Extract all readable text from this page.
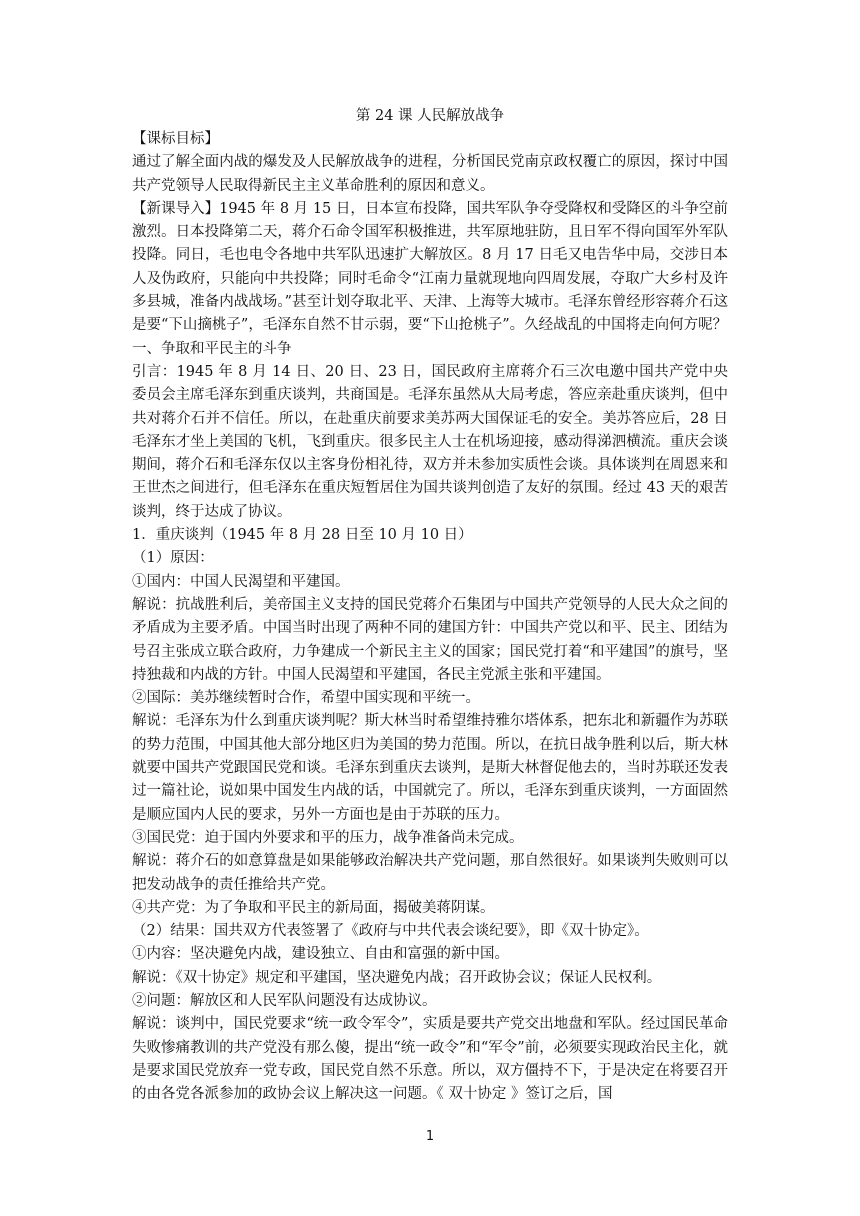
第 24 课 人民解放战争

【课标目标】

通过了解全面内战的爆发及人民解放战争的进程，分析国民党南京政权覆亡的原因，探讨中国共产党领导人民取得新民主主义革命胜利的原因和意义。

【新课导入】1945 年 8 月 15 日，日本宣布投降，国共军队争夺受降权和受降区的斗争空前激烈。日本投降第二天，蒋介石命令国军积极推进，共军原地驻防，且日军不得向国军外军队投降。同日，毛也电令各地中共军队迅速扩大解放区。8 月 17 日毛又电告华中局，交涉日本人及伪政府，只能向中共投降；同时毛命令“江南力量就现地向四周发展，夺取广大乡村及许多县城，准备内战战场。”甚至计划夺取北平、天津、上海等大城市。毛泽东曾经形容蒋介石这是要“下山摘桃子”，毛泽东自然不甘示弱，要“下山抢桃子”。久经战乱的中国将走向何方呢？

一、争取和平民主的斗争

引言：1945 年 8 月 14 日、20 日、23 日，国民政府主席蒋介石三次电邀中国共产党中央委员会主席毛泽东到重庆谈判，共商国是。毛泽东虽然从大局考虑，答应亲赴重庆谈判，但中共对蒋介石并不信任。所以，在赴重庆前要求美苏两大国保证毛的安全。美苏答应后，28 日毛泽东才坐上美国的飞机，飞到重庆。很多民主人士在机场迎接，感动得涕泗横流。重庆会谈期间，蒋介石和毛泽东仅以主客身份相礼待，双方并未参加实质性会谈。具体谈判在周恩来和王世杰之间进行，但毛泽东在重庆短暂居住为国共谈判创造了友好的氛围。经过 43 天的艰苦谈判，终于达成了协议。

1．重庆谈判（1945 年 8 月 28 日至 10 月 10 日）

（1）原因：

①国内：中国人民渴望和平建国。

解说：抗战胜利后，美帝国主义支持的国民党蒋介石集团与中国共产党领导的人民大众之间的矛盾成为主要矛盾。中国当时出现了两种不同的建国方针：中国共产党以和平、民主、团结为号召主张成立联合政府，力争建成一个新民主主义的国家；国民党打着“和平建国”的旗号，坚持独裁和内战的方针。中国人民渴望和平建国，各民主党派主张和平建国。

②国际：美苏继续暂时合作，希望中国实现和平统一。

解说：毛泽东为什么到重庆谈判呢？斯大林当时希望维持雅尔塔体系，把东北和新疆作为苏联的势力范围，中国其他大部分地区归为美国的势力范围。所以，在抗日战争胜利以后，斯大林就要中国共产党跟国民党和谈。毛泽东到重庆去谈判，是斯大林督促他去的，当时苏联还发表过一篇社论，说如果中国发生内战的话，中国就完了。所以，毛泽东到重庆谈判，一方面固然是顺应国内人民的要求，另外一方面也是由于苏联的压力。

③国民党：迫于国内外要求和平的压力，战争准备尚未完成。

解说：蒋介石的如意算盘是如果能够政治解决共产党问题，那自然很好。如果谈判失败则可以把发动战争的责任推给共产党。

④共产党：为了争取和平民主的新局面，揭破美蒋阴谋。

（2）结果：国共双方代表签署了《政府与中共代表会谈纪要》，即《双十协定》。

①内容：坚决避免内战，建设独立、自由和富强的新中国。

解说：《双十协定》规定和平建国，坚决避免内战；召开政协会议；保证人民权利。

②问题：解放区和人民军队问题没有达成协议。

解说：谈判中，国民党要求“统一政令军令”，实质是要共产党交出地盘和军队。经过国民革命失败惨痛教训的共产党没有那么傻，提出“统一政令”和“军令”前，必须要实现政治民主化，就是要求国民党放弃一党专政，国民党自然不乐意。所以，双方僵持不下，于是决定在将要召开的由各党各派参加的政协会议上解决这一问题。《 双十协定 》签订之后，国

1
